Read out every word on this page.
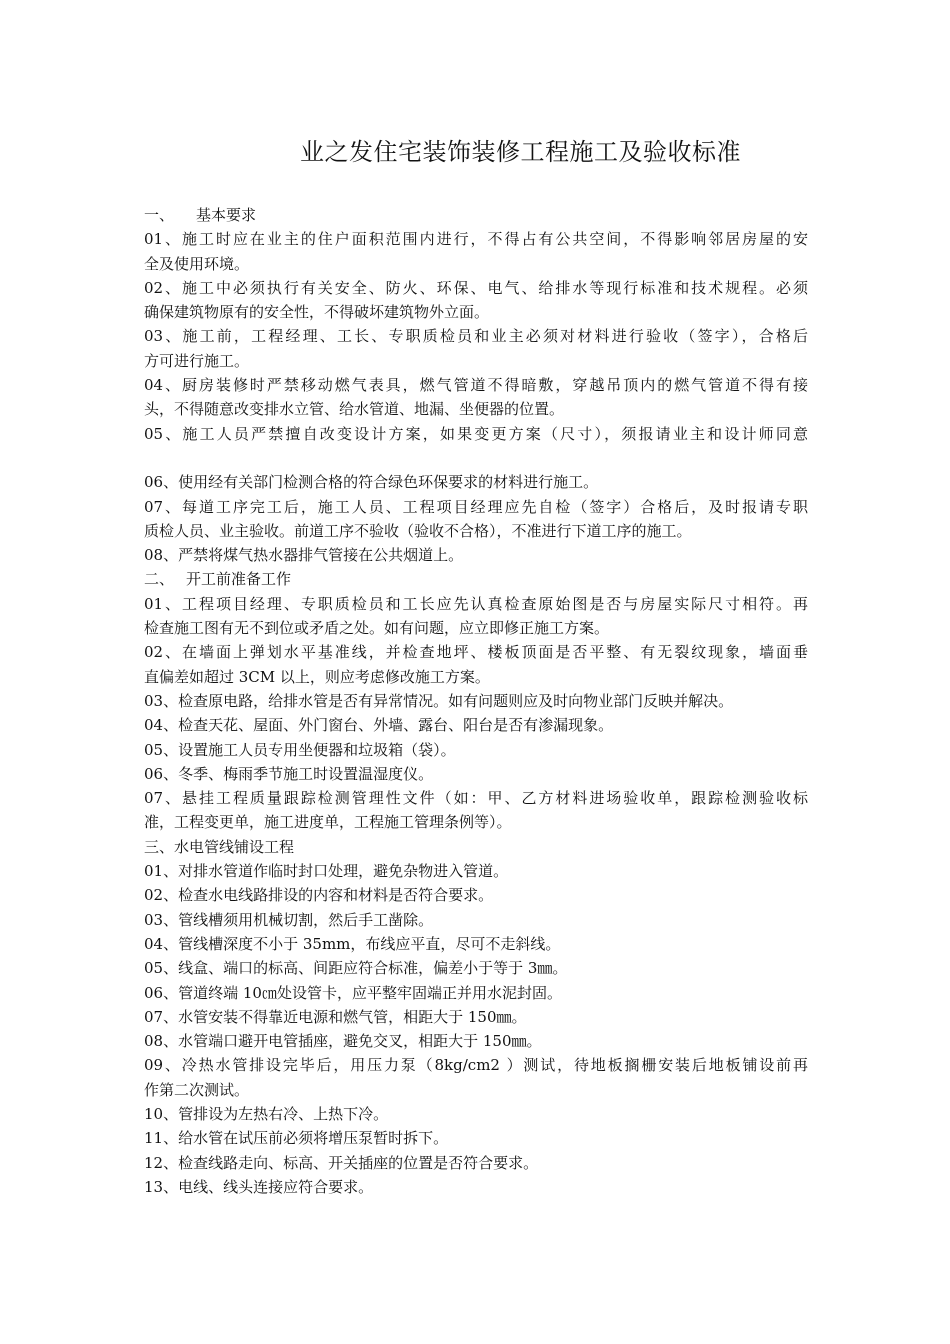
业之发住宅装饰装修工程施工及验收标准
一、 基本要求
01、施工时应在业主的住户面积范围内进行，不得占有公共空间，不得影响邻居房屋的安
全及使用环境。
02、施工中必须执行有关安全、防火、环保、电气、给排水等现行标准和技术规程。必须
确保建筑物原有的安全性，不得破坏建筑物外立面。
03、施工前，工程经理、工长、专职质检员和业主必须对材料进行验收（签字），合格后
方可进行施工。
04、厨房装修时严禁移动燃气表具，燃气管道不得暗敷，穿越吊顶内的燃气管道不得有接
头，不得随意改变排水立管、给水管道、地漏、坐便器的位置。
05、施工人员严禁擅自改变设计方案，如果变更方案（尺寸），须报请业主和设计师同意
06、使用经有关部门检测合格的符合绿色环保要求的材料进行施工。
07、每道工序完工后，施工人员、工程项目经理应先自检（签字）合格后，及时报请专职
质检人员、业主验收。前道工序不验收（验收不合格），不准进行下道工序的施工。
08、严禁将煤气热水器排气管接在公共烟道上。
二、 开工前准备工作
01、工程项目经理、专职质检员和工长应先认真检查原始图是否与房屋实际尺寸相符。再
检查施工图有无不到位或矛盾之处。如有问题，应立即修正施工方案。
02、在墙面上弹划水平基准线，并检查地坪、楼板顶面是否平整、有无裂纹现象，墙面垂
直偏差如超过 3CM 以上，则应考虑修改施工方案。
03、检查原电路，给排水管是否有异常情况。如有问题则应及时向物业部门反映并解决。
04、检查天花、屋面、外门窗台、外墙、露台、阳台是否有渗漏现象。
05、设置施工人员专用坐便器和垃圾箱（袋）。
06、冬季、梅雨季节施工时设置温湿度仪。
07、悬挂工程质量跟踪检测管理性文件（如：甲、乙方材料进场验收单，跟踪检测验收标
准，工程变更单，施工进度单，工程施工管理条例等）。
三、水电管线铺设工程
01、对排水管道作临时封口处理，避免杂物进入管道。
02、检查水电线路排设的内容和材料是否符合要求。
03、管线槽须用机械切割，然后手工凿除。
04、管线槽深度不小于 35mm，布线应平直，尽可不走斜线。
05、线盒、端口的标高、间距应符合标准，偏差小于等于 3㎜。
06、管道终端 10㎝处设管卡，应平整牢固端正并用水泥封固。
07、水管安装不得靠近电源和燃气管，相距大于 150㎜。
08、水管端口避开电管插座，避免交叉，相距大于 150㎜。
09、冷热水管排设完毕后，用压力泵（8kg/cm2 ）测试，待地板搁栅安装后地板铺设前再
作第二次测试。
10、管排设为左热右冷、上热下冷。
11、给水管在试压前必须将增压泵暂时拆下。
12、检查线路走向、标高、开关插座的位置是否符合要求。
13、电线、线头连接应符合要求。
